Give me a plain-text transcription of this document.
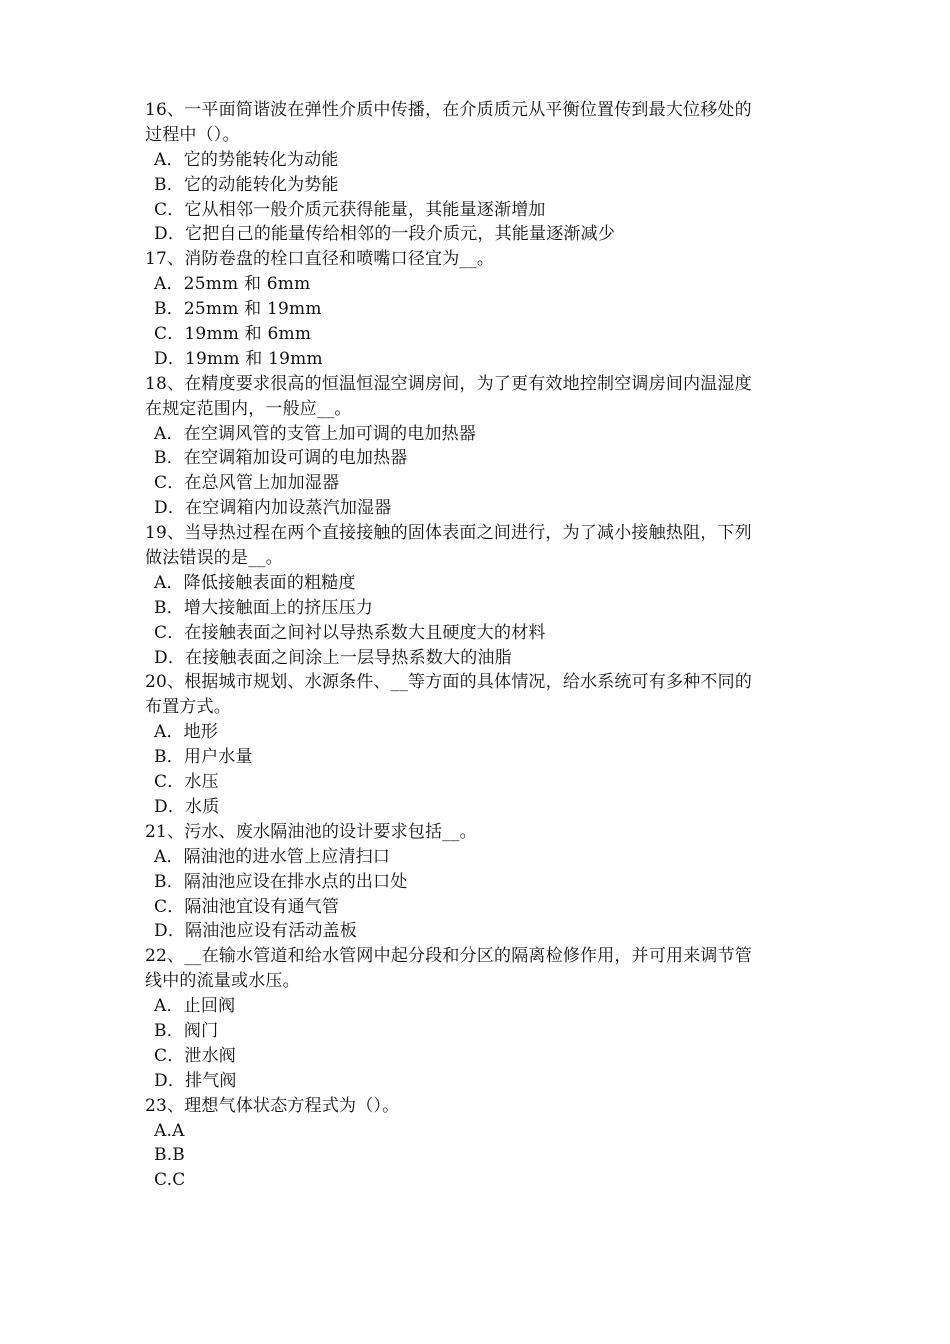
16、一平面简谐波在弹性介质中传播，在介质质元从平衡位置传到最大位移处的
过程中（）。
A．它的势能转化为动能
B．它的动能转化为势能
C．它从相邻一般介质元获得能量，其能量逐渐增加
D．它把自己的能量传给相邻的一段介质元，其能量逐渐减少
17、消防卷盘的栓口直径和喷嘴口径宜为__。
A．25mm 和 6mm
B．25mm 和 19mm
C．19mm 和 6mm
D．19mm 和 19mm
18、在精度要求很高的恒温恒湿空调房间，为了更有效地控制空调房间内温湿度
在规定范围内，一般应__。
A．在空调风管的支管上加可调的电加热器
B．在空调箱加设可调的电加热器
C．在总风管上加加湿器
D．在空调箱内加设蒸汽加湿器
19、当导热过程在两个直接接触的固体表面之间进行，为了减小接触热阻，下列
做法错误的是__。
A．降低接触表面的粗糙度
B．增大接触面上的挤压压力
C．在接触表面之间衬以导热系数大且硬度大的材料
D．在接触表面之间涂上一层导热系数大的油脂
20、根据城市规划、水源条件、__等方面的具体情况，给水系统可有多种不同的
布置方式。
A．地形
B．用户水量
C．水压
D．水质
21、污水、废水隔油池的设计要求包括__。
A．隔油池的进水管上应清扫口
B．隔油池应设在排水点的出口处
C．隔油池宜设有通气管
D．隔油池应设有活动盖板
22、__在输水管道和给水管网中起分段和分区的隔离检修作用，并可用来调节管
线中的流量或水压。
A．止回阀
B．阀门
C．泄水阀
D．排气阀
23、理想气体状态方程式为（）。
A.A
B.B
C.C
